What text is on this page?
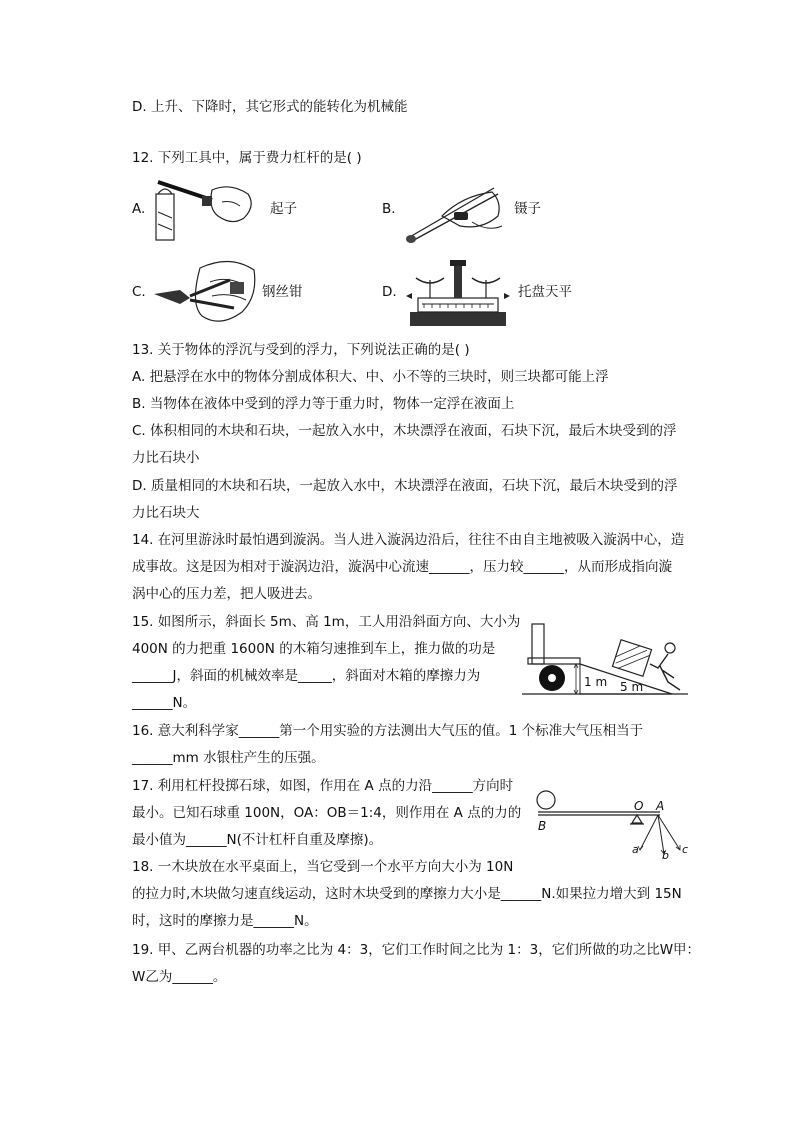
D. 上升、下降时，其它形式的能转化为机械能
12. 下列工具中，属于费力杠杆的是( )
A.	起子	B.	镊子
C.	钢丝钳	D.	托盘天平
13. 关于物体的浮沉与受到的浮力，下列说法正确的是( )
A. 把悬浮在水中的物体分割成体积大、中、小不等的三块时，则三块都可能上浮
B. 当物体在液体中受到的浮力等于重力时，物体一定浮在液面上
C. 体积相同的木块和石块，一起放入水中，木块漂浮在液面，石块下沉，最后木块受到的浮
力比石块小
D. 质量相同的木块和石块，一起放入水中，木块漂浮在液面，石块下沉，最后木块受到的浮
力比石块大
14. 在河里游泳时最怕遇到漩涡。当人进入漩涡边沿后，往往不由自主地被吸入漩涡中心，造
成事故。这是因为相对于漩涡边沿，漩涡中心流速______，压力较______，从而形成指向漩
涡中心的压力差，把人吸进去。
15. 如图所示，斜面长 5m、高 1m，工人用沿斜面方向、大小为
400N 的力把重 1600N 的木箱匀速推到车上，推力做的功是
______J，斜面的机械效率是_____，斜面对木箱的摩擦力为
______N。
1 m 5 m
16. 意大利科学家______第一个用实验的方法测出大气压的值。1 个标准大气压相当于
______mm 水银柱产生的压强。
17. 利用杠杆投掷石球，如图，作用在 A 点的力沿______方向时
最小。已知石球重 100N，OA：OB＝1:4，则作用在 A 点的力的
最小值为______N(不计杠杆自重及摩擦)。
B
O A
a b c
18. 一木块放在水平桌面上，当它受到一个水平方向大小为 10N
的拉力时,木块做匀速直线运动，这时木块受到的摩擦力大小是______N.如果拉力增大到 15N
时，这时的摩擦力是______N。
19. 甲、乙两台机器的功率之比为 4：3，它们工作时间之比为 1：3，它们所做的功之比W甲：
W乙为______。
